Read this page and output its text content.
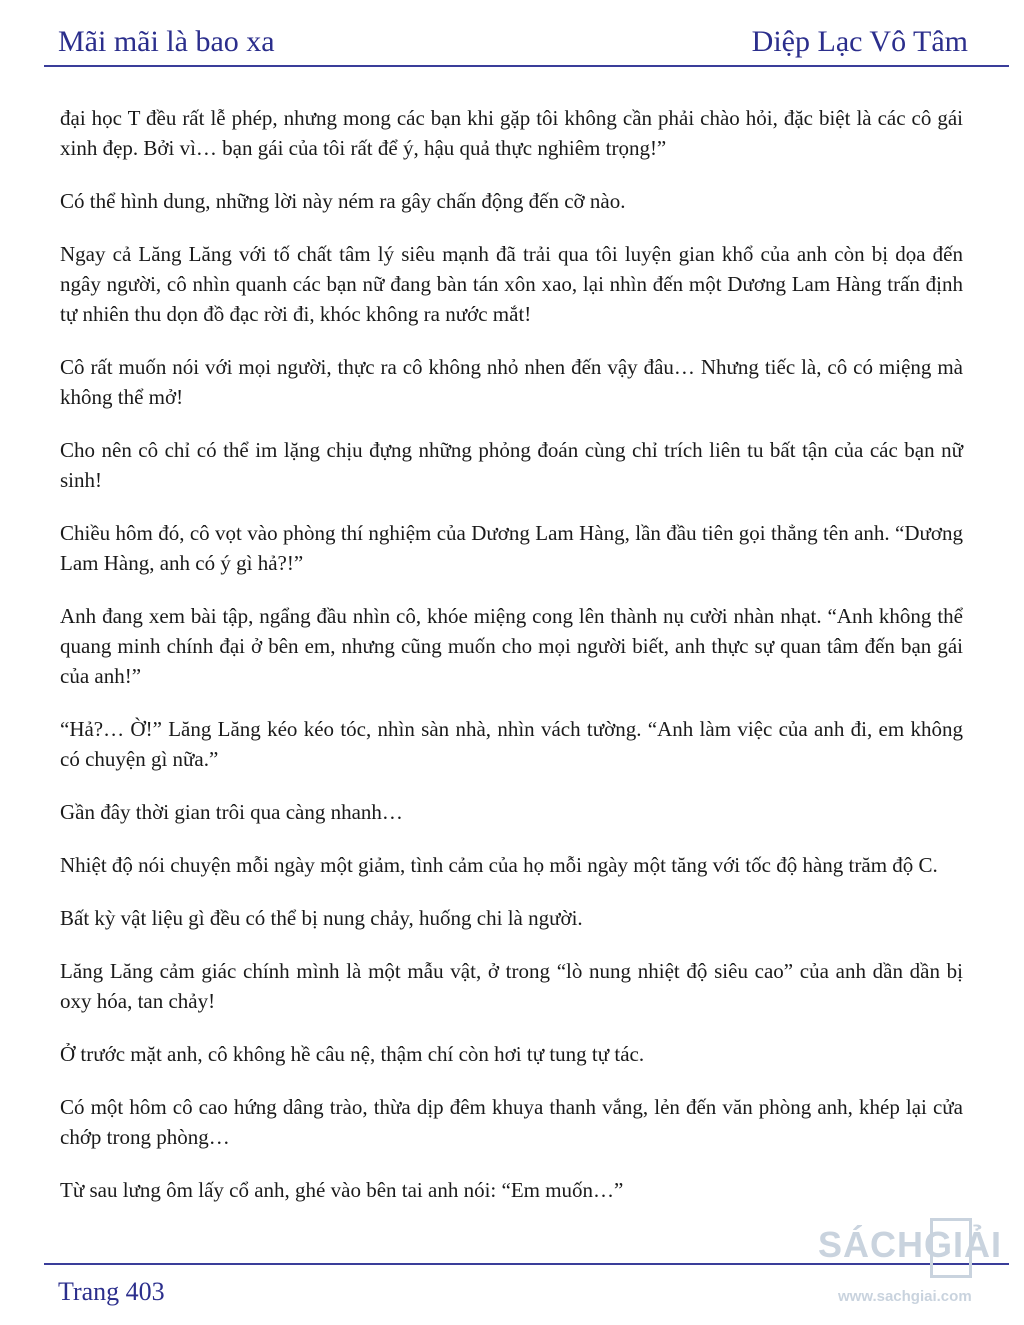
Mãi mãi là bao xa	Diệp Lạc Vô Tâm

đại học T đều rất lễ phép, nhưng mong các bạn khi gặp tôi không cần phải chào hỏi, đặc biệt là các cô gái xinh đẹp. Bởi vì… bạn gái của tôi rất để ý, hậu quả thực nghiêm trọng!”

Có thể hình dung, những lời này ném ra gây chấn động đến cỡ nào.

Ngay cả Lăng Lăng với tố chất tâm lý siêu mạnh đã trải qua tôi luyện gian khổ của anh còn bị dọa đến ngây người, cô nhìn quanh các bạn nữ đang bàn tán xôn xao, lại nhìn đến một Dương Lam Hàng trấn định tự nhiên thu dọn đồ đạc rời đi, khóc không ra nước mắt!

Cô rất muốn nói với mọi người, thực ra cô không nhỏ nhen đến vậy đâu… Nhưng tiếc là, cô có miệng mà không thể mở!

Cho nên cô chỉ có thể im lặng chịu đựng những phỏng đoán cùng chỉ trích liên tu bất tận của các bạn nữ sinh!

Chiều hôm đó, cô vọt vào phòng thí nghiệm của Dương Lam Hàng, lần đầu tiên gọi thẳng tên anh. “Dương Lam Hàng, anh có ý gì hả?!”

Anh đang xem bài tập, ngẩng đầu nhìn cô, khóe miệng cong lên thành nụ cười nhàn nhạt. “Anh không thể quang minh chính đại ở bên em, nhưng cũng muốn cho mọi người biết, anh thực sự quan tâm đến bạn gái của anh!”

“Hả?… Ờ!” Lăng Lăng kéo kéo tóc, nhìn sàn nhà, nhìn vách tường. “Anh làm việc của anh đi, em không có chuyện gì nữa.”

Gần đây thời gian trôi qua càng nhanh…

Nhiệt độ nói chuyện mỗi ngày một giảm, tình cảm của họ mỗi ngày một tăng với tốc độ hàng trăm độ C.

Bất kỳ vật liệu gì đều có thể bị nung chảy, huống chi là người.

Lăng Lăng cảm giác chính mình là một mẫu vật, ở trong “lò nung nhiệt độ siêu cao” của anh dần dần bị oxy hóa, tan chảy!

Ở trước mặt anh, cô không hề câu nệ, thậm chí còn hơi tự tung tự tác.

Có một hôm cô cao hứng dâng trào, thừa dịp đêm khuya thanh vắng, lẻn đến văn phòng anh, khép lại cửa chớp trong phòng…

Từ sau lưng ôm lấy cổ anh, ghé vào bên tai anh nói: “Em muốn…”

Trang 403
SÁCHGIẢI
www.sachgiai.com
